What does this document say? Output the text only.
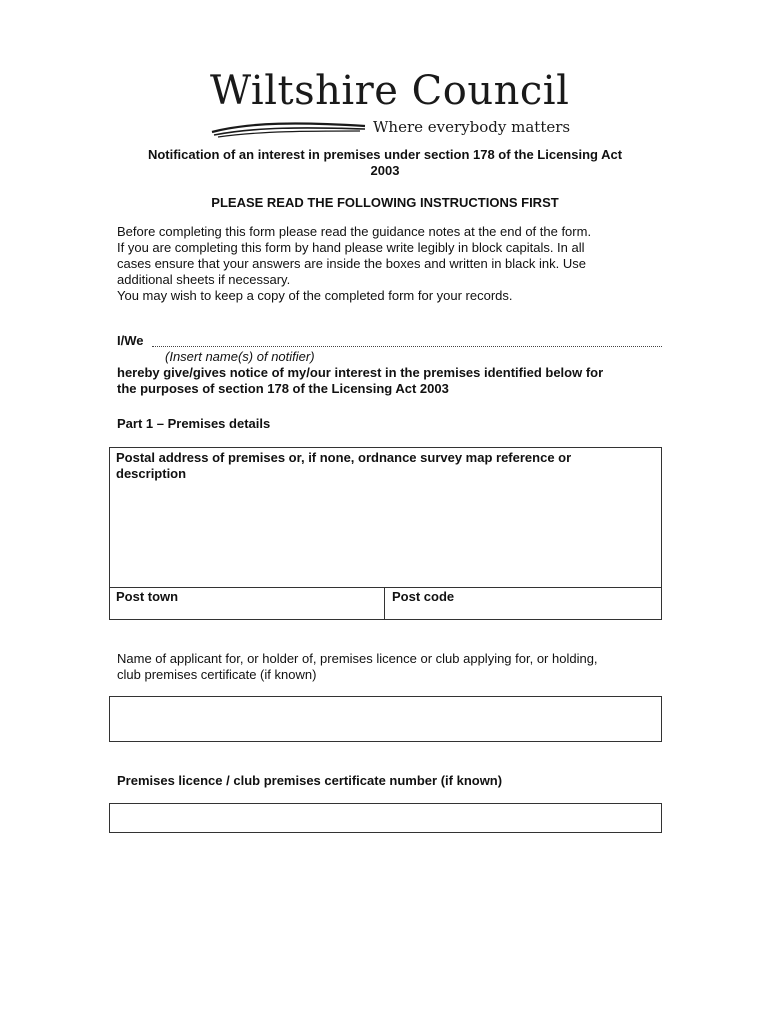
Wiltshire Council
Where everybody matters
Notification of an interest in premises under section 178 of the Licensing Act
2003
PLEASE READ THE FOLLOWING INSTRUCTIONS FIRST
Before completing this form please read the guidance notes at the end of the form.
If you are completing this form by hand please write legibly in block capitals. In all
cases ensure that your answers are inside the boxes and written in black ink. Use
additional sheets if necessary.
You may wish to keep a copy of the completed form for your records.
I/We
(Insert name(s) of notifier)
hereby give/gives notice of my/our interest in the premises identified below for
the purposes of section 178 of the Licensing Act 2003
Part 1 – Premises details
Postal address of premises or, if none, ordnance survey map reference or
description
Post town	Post code
Name of applicant for, or holder of, premises licence or club applying for, or holding,
club premises certificate (if known)
Premises licence / club premises certificate number (if known)
